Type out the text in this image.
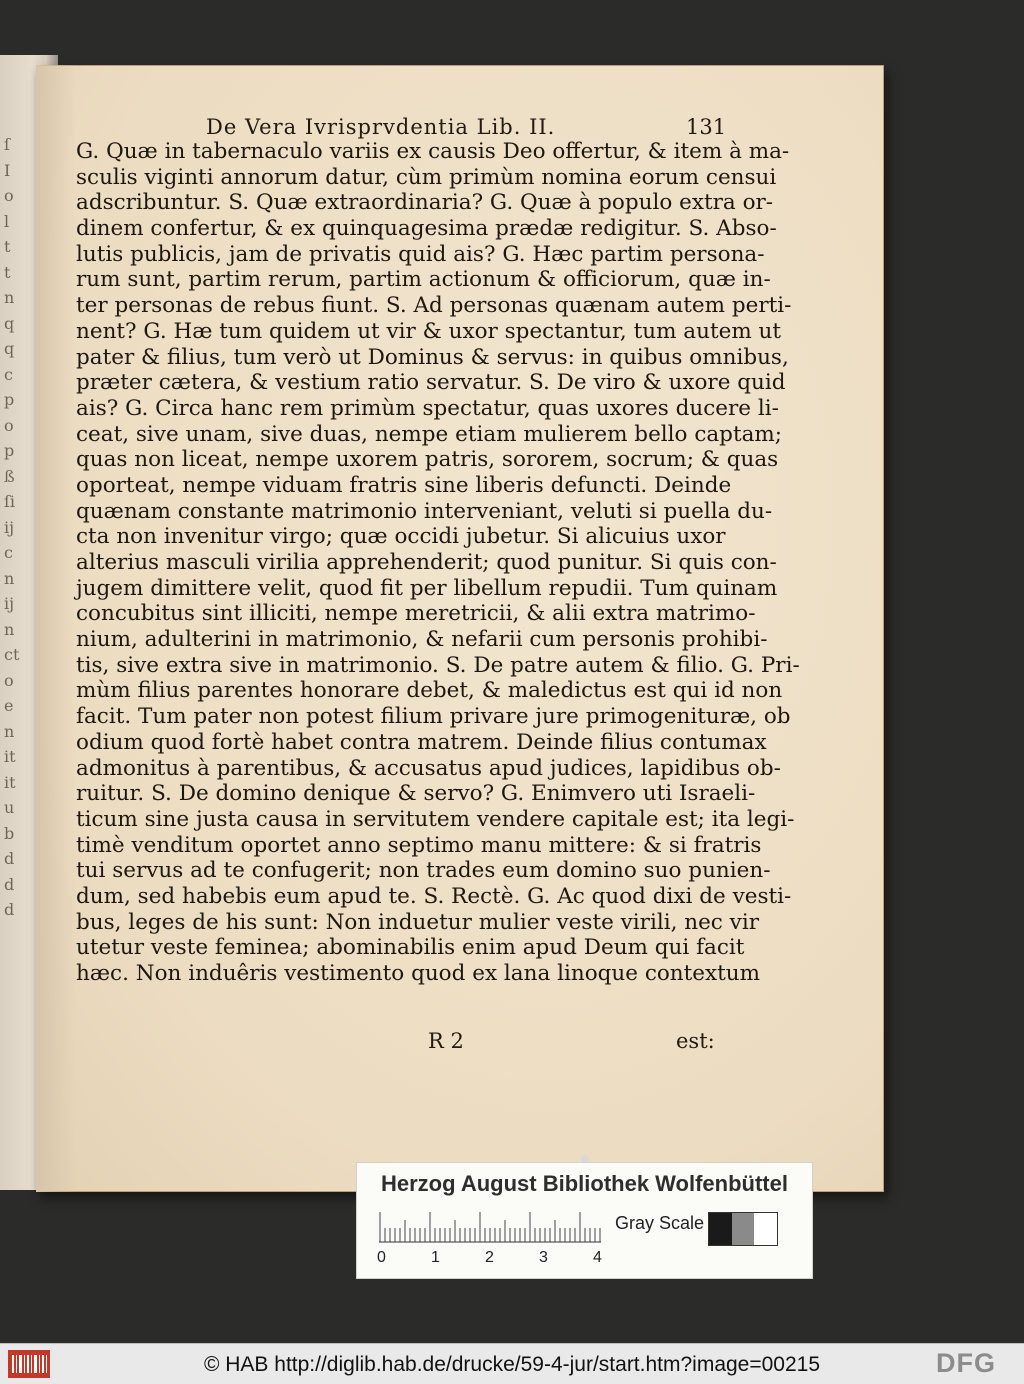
ſ
I
o
l
t
t
n
q
q
c
p
o
p
ß
ſi
ij
c
n
ij
n
ct
o
e
n
it
it
u
b
d
d
d
De Vera Ivrisprvdentia Lib. II.	131
G. Quæ in tabernaculo variis ex causis Deo offertur, & item à ma-
sculis viginti annorum datur, cùm primùm nomina eorum censui
adscribuntur. S. Quæ extraordinaria? G. Quæ à populo extra or-
dinem confertur, & ex quinquagesima prædæ redigitur. S. Abso-
lutis publicis, jam de privatis quid ais? G. Hæc partim persona-
rum sunt, partim rerum, partim actionum & officiorum, quæ in-
ter personas de rebus fiunt. S. Ad personas quænam autem perti-
nent? G. Hæ tum quidem ut vir & uxor spectantur, tum autem ut
pater & filius, tum verò ut Dominus & servus: in quibus omnibus,
præter cætera, & vestium ratio servatur. S. De viro & uxore quid
ais? G. Circa hanc rem primùm spectatur, quas uxores ducere li-
ceat, sive unam, sive duas, nempe etiam mulierem bello captam;
quas non liceat, nempe uxorem patris, sororem, socrum; & quas
oporteat, nempe viduam fratris sine liberis defuncti. Deinde
quænam constante matrimonio interveniant, veluti si puella du-
cta non invenitur virgo; quæ occidi jubetur. Si alicuius uxor
alterius masculi virilia apprehenderit; quod punitur. Si quis con-
jugem dimittere velit, quod fit per libellum repudii. Tum quinam
concubitus sint illiciti, nempe meretricii, & alii extra matrimo-
nium, adulterini in matrimonio, & nefarii cum personis prohibi-
tis, sive extra sive in matrimonio. S. De patre autem & filio. G. Pri-
mùm filius parentes honorare debet, & maledictus est qui id non
facit. Tum pater non potest filium privare jure primogenituræ, ob
odium quod fortè habet contra matrem. Deinde filius contumax
admonitus à parentibus, & accusatus apud judices, lapidibus ob-
ruitur. S. De domino denique & servo? G. Enimvero uti Israeli-
ticum sine justa causa in servitutem vendere capitale est; ita legi-
timè venditum oportet anno septimo manu mittere: & si fratris
tui servus ad te confugerit; non trades eum domino suo punien-
dum, sed habebis eum apud te. S. Rectè. G. Ac quod dixi de vesti-
bus, leges de his sunt: Non induetur mulier veste virili, nec vir
utetur veste feminea; abominabilis enim apud Deum qui facit
hæc. Non induêris vestimento quod ex lana linoque contextum
R 2	est:
Herzog August Bibliothek Wolfenbüttel
0	1	2	3	4
Gray Scale
© HAB http://diglib.hab.de/drucke/59-4-jur/start.htm?image=00215	DFG
